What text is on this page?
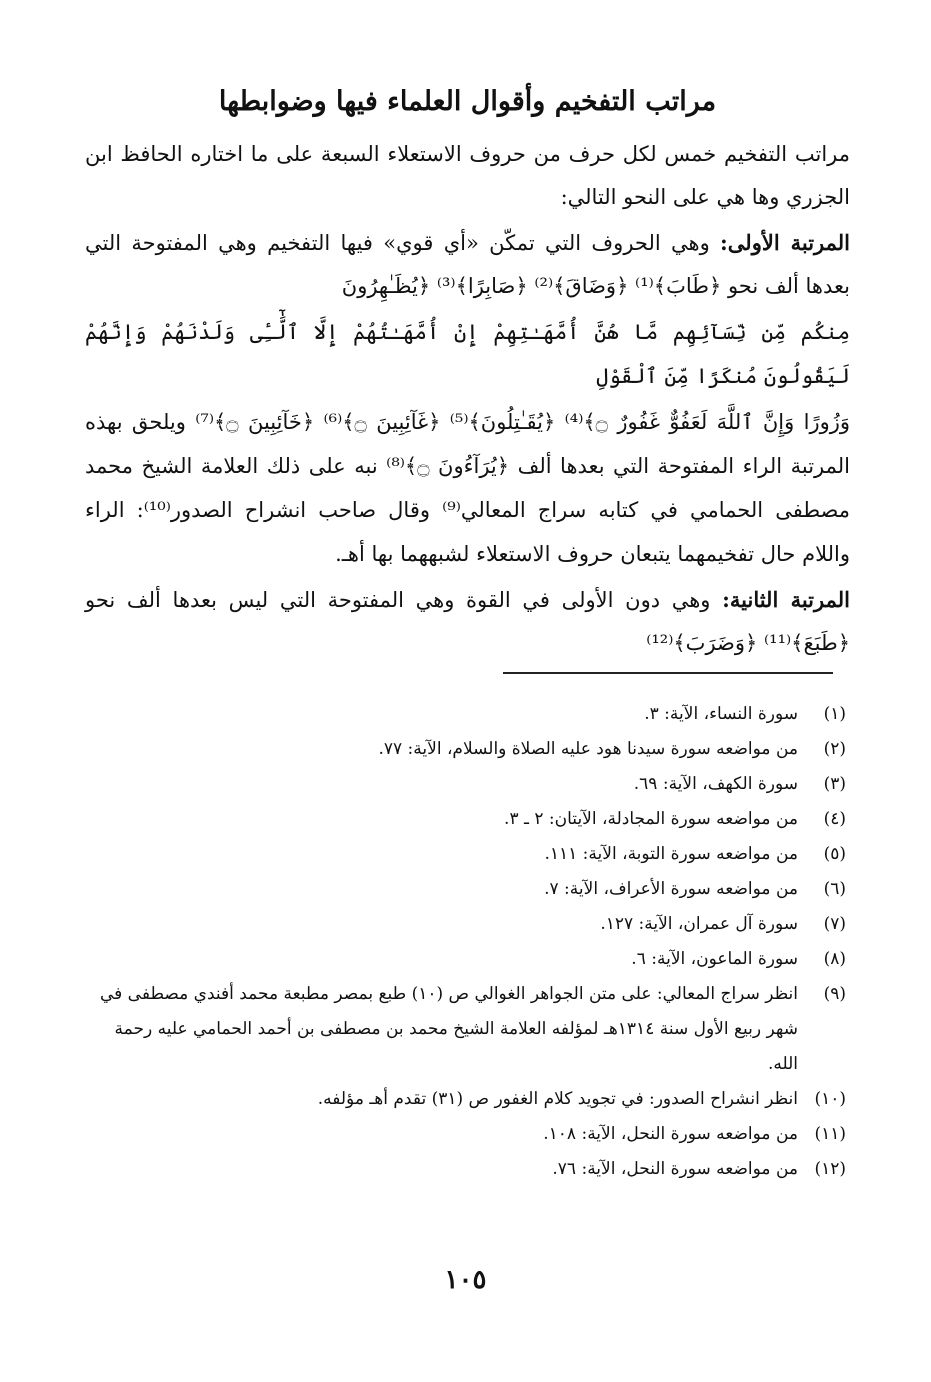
مراتب التفخيم وأقوال العلماء فيها وضوابطها

مراتب التفخيم خمس لكل حرف من حروف الاستعلاء السبعة على ما اختاره الحافظ ابن الجزري وها هي على النحو التالي:

المرتبة الأولى: وهي الحروف التي تمكّن «أي قوي» فيها التفخيم وهي المفتوحة التي بعدها ألف نحو ﴿طَابَ﴾⁽¹⁾ ﴿وَضَاقَ﴾⁽²⁾ ﴿صَابِرًا﴾⁽³⁾ ﴿يُظَـٰهِرُونَ

مِنكُم مِّن نِّسَآئِهِم مَّا هُنَّ أُمَّهَـٰتِهِمْ إِنْ أُمَّهَـٰتُهُمْ إِلَّا ٱلَّٰٓـِٔى وَلَدْنَهُمْ وَإِنَّهُمْ لَيَقُولُونَ مُنكَرًا مِّنَ ٱلْقَوْلِ

وَزُورًا وَإِنَّ ٱللَّهَ لَعَفُوٌّ غَفُورٌ ۝﴾⁽⁴⁾ ﴿يُقَـٰتِلُونَ﴾⁽⁵⁾ ﴿غَآئِبِينَ ۝﴾⁽⁶⁾ ﴿خَآئِبِينَ ۝﴾⁽⁷⁾ ويلحق بهذه المرتبة الراء المفتوحة التي بعدها ألف ﴿يُرَآءُونَ ۝﴾⁽⁸⁾ نبه على ذلك العلامة الشيخ محمد مصطفى الحمامي في كتابه سراج المعالي⁽⁹⁾ وقال صاحب انشراح الصدور⁽¹⁰⁾: الراء واللام حال تفخيمهما يتبعان حروف الاستعلاء لشبههما بها أهـ.

المرتبة الثانية: وهي دون الأولى في القوة وهي المفتوحة التي ليس بعدها ألف نحو ﴿طَبَعَ﴾⁽¹¹⁾ ﴿وَضَرَبَ﴾⁽¹²⁾

(١)
سورة النساء، الآية: ٣.
(٢)
من مواضعه سورة سيدنا هود عليه الصلاة والسلام، الآية: ٧٧.
(٣)
سورة الكهف، الآية: ٦٩.
(٤)
من مواضعه سورة المجادلة، الآيتان: ٢ ـ ٣.
(٥)
من مواضعه سورة التوبة، الآية: ١١١.
(٦)
من مواضعه سورة الأعراف، الآية: ٧.
(٧)
سورة آل عمران، الآية: ١٢٧.
(٨)
سورة الماعون، الآية: ٦.
(٩)
انظر سراج المعالي: على متن الجواهر الغوالي ص (١٠) طبع بمصر مطبعة محمد أفندي مصطفى في شهر ربيع الأول سنة ١٣١٤هـ لمؤلفه العلامة الشيخ محمد بن مصطفى بن أحمد الحمامي عليه رحمة الله.
(١٠)
انظر انشراح الصدور: في تجويد كلام الغفور ص (٣١) تقدم أهـ مؤلفه.
(١١)
من مواضعه سورة النحل، الآية: ١٠٨.
(١٢)
من مواضعه سورة النحل، الآية: ٧٦.
١٠٥
